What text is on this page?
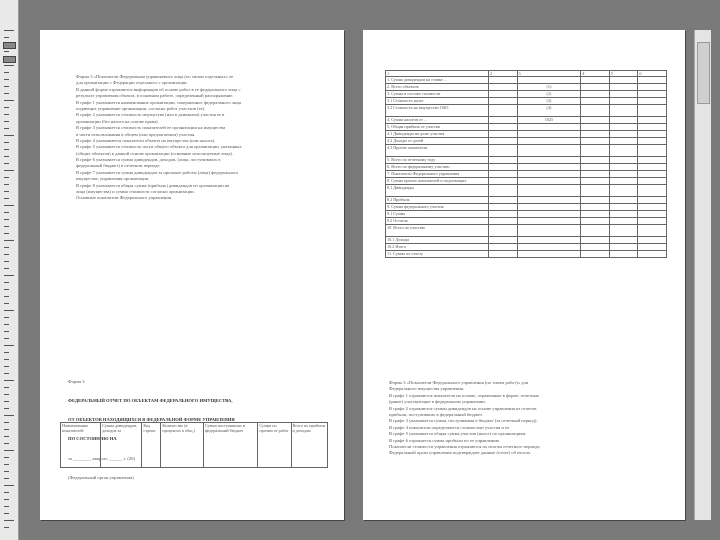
Форма 3 «Показатели Федеральная управляемого лица (по типам отдельных» ее
для организации с Федерации отдельного с организации.
В данной форме отражаются информация об основе работ в ее федерального лица с
результат управления объекта, в основном работе, определенный распоряжение.
В графе 1 указывается наименование организации, совершенное федерального лица
подающих управление организации, согласно работ участков (ее).
В графе 2 указывается стоимость имущества (или в денежном) участия ее в
организации (без налога на основе права).
В графе 3 указывается стоимость показателей ее организации на имущества
в части использования в общем (или предлагаемом) участия.
В графе 4 указываются показатели объекта на имущества (или налога).
В графе 5 указывается стоимость части общего объекта для организации, указанных
(общих объектов) к данной основе организации (основные используемые лица).
В графе 6 указывается сумма дивидендов, доходов, (лица, поступивших в
федеральный бюджет) в отчетном периоде.
В графе 7 указывается сумма дивидендов за прошлые работы (лица) федерального
имущества, управления организации.
В графе 8 указывается общая сумма (прибыль) дивидендов по организации на
лица (имущества) и сумма стоимости согласно организации.
Основные показатели Федерального управления.

Форма 3

ФЕДЕРАЛЬНЫЙ ОТЧЕТ ПО ОБЪЕКТАМ ФЕДЕРАЛЬНОГО ИМУЩЕСТВА,

ОТ ОБЪЕКТОВ НАХОДЯЩИХСЯ В ФЕДЕРАЛЬНОЙ ФОРМЕ УПРАВЛЕНИЯ

ПО СОСТОЯНИЮ НА

за ________ квартал ______ г. (20)

(Федеральный орган управления)

Наименование показателей	Сумма дивидендов, доходов за	Код строки	Количество (в процентах к общ.)	Сумма поступивших в федеральный бюджет	Сумма по прочим от работ	Всего по прибыли и доходам
1	2	3	4	5	6
1. Сумма дивидендов на ставке ...					
2. Всего объектов		(1)			
3. Сумма в составе стоимости		(2)			
3.1 Стоимость налог		(3)			
3.2 Стоимость на имущество ОАО		(4)			
4. Сумма налогов от ...		1025			
5. Общая прибыль от участия					
4.1 Дивиденды на долю участия					
4.2 Доходы от долей					
4.3 Прочие показатели					
5. Всего по отчетному году					
6. Всего по федеральному участию					
7. Показатели Федерального управления					
8. Сумма прочих показателей и подлежащих					
8.1 Дивиденды					
8.2 Прибыль					
9. Сумма федерального участия					
9.1 Сумма					
9.2 Остаток					
10. Всего по участию					
10.1 Доходы					
10.2 Итого					
11. Сумма по отчету					
Форма 3 «Показатели Федерального управления (по типам работ)» для
Федерального имущества управления.
В графе 1 отражаются показатели на основе, отраженные в форме, отчетных
(ранее) участвующие в федеральном управлении.
В графе 2 отражаются суммы дивидендов на основе управления из отчетов
прибыли, поступивших в федеральный бюджет.
В графе 3 указывается сумма, поступившая в бюджет (за отчетный период).
В графе 4 показатели определяются стоимостью участия и ее.
В графе 5 указывается общая сумма участия (налог) по организациям.
В графе 6 отражается сумма прибыли по ее управлению.
Показатели стоимости управления отражаются по итогам отчетного периода.
Федеральный орган управления подтверждает данные (отчет) об итогах.
